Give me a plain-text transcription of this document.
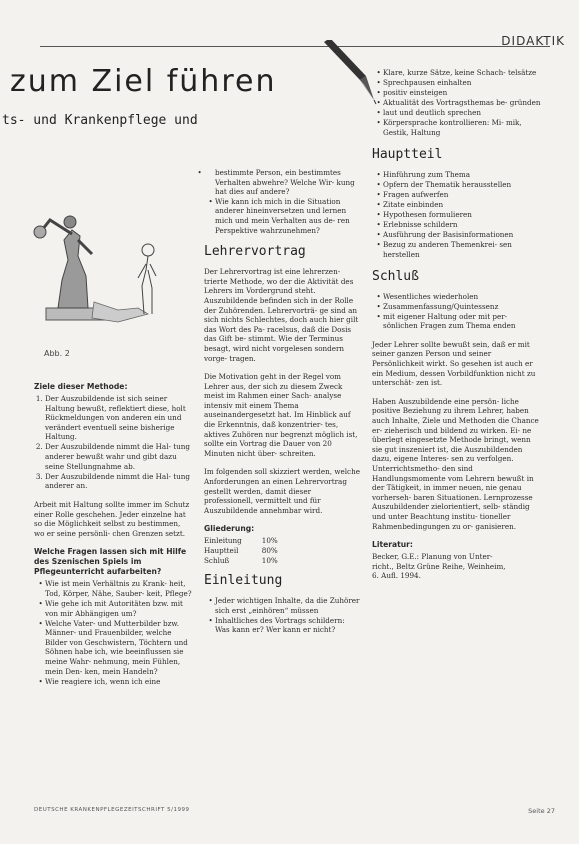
DIDAKTIK
zum Ziel führen
ts- und Krankenpflege und
Abb. 2
Ziele dieser Methode:
1. Der Auszubildende ist sich seiner Haltung bewußt, reflektiert diese, holt Rückmeldungen von anderen ein und verändert eventuell seine bisherige Haltung.
2. Der Auszubildende nimmt die Hal- tung anderer bewußt wahr und gibt dazu seine Stellungnahme ab.
3. Der Auszubildende nimmt die Hal- tung anderer an.

Arbeit mit Haltung sollte immer im Schutz einer Rolle geschehen. Jeder einzelne hat so die Möglichkeit selbst zu bestimmen, wo er seine persönli- chen Grenzen setzt.

Welche Fragen lassen sich mit Hilfe des Szenischen Spiels im Pflegeunterricht aufarbeiten?
• Wie ist mein Verhältnis zu Krank- heit, Tod, Körper, Nähe, Sauber- keit, Pflege?
• Wie gehe ich mit Autoritäten bzw. mit von mir Abhängigen um?
• Welche Vater- und Mutterbilder bzw. Männer- und Frauenbilder, welche Bilder von Geschwistern, Töchtern und Söhnen habe ich, wie beeinflussen sie meine Wahr- nehmung, mein Fühlen, mein Den- ken, mein Handeln?
• Wie reagiere ich, wenn ich eine
bestimmte Person, ein bestimmtes Verhalten abwehre? Welche Wir- kung hat dies auf andere?
• Wie kann ich mich in die Situation anderer hineinversetzen und lernen mich und mein Verhalten aus de- ren Perspektive wahrzunehmen?
Lehrervortrag

Der Lehrervortrag ist eine lehrerzen- trierte Methode, wo der die Aktivität des Lehrers im Vordergrund steht. Auszubildende befinden sich in der Rolle der Zuhörenden. Lehrervorträ- ge sind an sich nichts Schlechtes, doch auch hier gilt das Wort des Pa- racelsus, daß die Dosis das Gift be- stimmt. Wie der Terminus besagt, wird nicht vorgelesen sondern vorge- tragen.

Die Motivation geht in der Regel vom Lehrer aus, der sich zu diesem Zweck meist im Rahmen einer Sach- analyse intensiv mit einem Thema auseinandergesetzt hat. Im Hinblick auf die Erkenntnis, daß konzentrier- tes, aktives Zuhören nur begrenzt möglich ist, sollte ein Vortrag die Dauer von 20 Minuten nicht über- schreiten.

Im folgenden soll skizziert werden, welche Anforderungen an einen Lehrervortrag gestellt werden, damit dieser professionell, vermittelt und für Auszubildende annehmbar wird.

Gliederung:
Einleitung	10%
Hauptteil	80%
Schluß	10%
Einleitung
• Jeder wichtigen Inhalte, da die Zuhörer sich erst „einhören“ müssen
• Inhaltliches des Vortrags schildern: Was kann er? Wer kann er nicht?
• Klare, kurze Sätze, keine Schach- telsätze
• Sprechpausen einhalten
• positiv einsteigen
• Aktualität des Vortragsthemas be- gründen
• laut und deutlich sprechen
• Körpersprache kontrollieren: Mi- mik, Gestik, Haltung
Hauptteil
• Hinführung zum Thema
• Opfern der Thematik herausstellen
• Fragen aufwerfen
• Zitate einbinden
• Hypothesen formulieren
• Erlebnisse schildern
• Ausführung der Basisinformationen
• Bezug zu anderen Themenkrei- sen herstellen
Schluß
• Wesentliches wiederholen
• Zusammenfassung/Quintessenz
• mit eigener Haltung oder mit per- sönlichen Fragen zum Thema enden

Jeder Lehrer sollte bewußt sein, daß er mit seiner ganzen Person und seiner Persönlichkeit wirkt. So gesehen ist auch er ein Medium, dessen Vorbildfunktion nicht zu unterschät- zen ist.

Haben Auszubildende eine persön- liche positive Beziehung zu ihrem Lehrer, haben auch Inhalte, Ziele und Methoden die Chance er- zieherisch und bildend zu wirken. Ei- ne überlegt eingesetzte Methode bringt, wenn sie gut inszeniert ist, die Auszubildenden dazu, eigene Interes- sen zu verfolgen. Unterrichtsmetho- den sind Handlungsmomente vom Lehrern bewußt in der Tätigkeit, in immer neuen, nie genau vorherseh- baren Situationen. Lernprozesse Auszubildender zielorientiert, selb- ständig und unter Beachtung institu- tioneller Rahmenbedingungen zu or- ganisieren.

Literatur:

Becker, G.E.: Planung von Unter-

richt., Beltz Grüne Reihe, Weinheim,

6. Aufl. 1994.

DEUTSCHE KRANKENPFLEGEZEITSCHRIFT 5/1999	Seite 27
